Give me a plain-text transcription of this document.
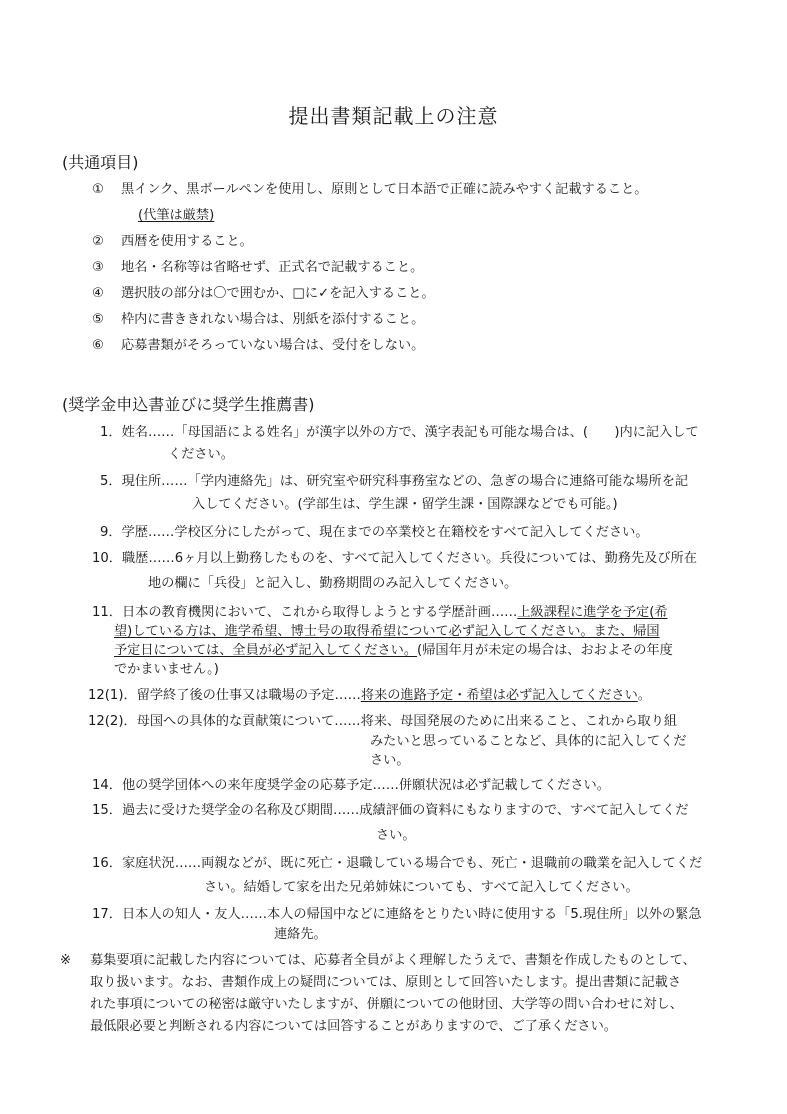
提出書類記載上の注意
(共通項目)
① 黒インク、黒ボールペンを使用し、原則として日本語で正確に読みやすく記載すること。
(代筆は厳禁)
② 西暦を使用すること。
③ 地名・名称等は省略せず、正式名で記載すること。
④ 選択肢の部分は〇で囲むか、□に✓を記入すること。
⑤ 枠内に書ききれない場合は、別紙を添付すること。
⑥ 応募書類がそろっていない場合は、受付をしない。
(奨学金申込書並びに奨学生推薦書)
1．姓名……「母国語による姓名」が漢字以外の方で、漢字表記も可能な場合は、(　　)内に記入して
ください。
5．現住所……「学内連絡先」は、研究室や研究科事務室などの、急ぎの場合に連絡可能な場所を記
入してください。(学部生は、学生課・留学生課・国際課などでも可能。)
9．学歴……学校区分にしたがって、現在までの卒業校と在籍校をすべて記入してください。
10．職歴……6ヶ月以上勤務したものを、すべて記入してください。兵役については、勤務先及び所在
地の欄に「兵役」と記入し、勤務期間のみ記入してください。
11．日本の教育機関において、これから取得しようとする学歴計画……上級課程に進学を予定(希
望)している方は、進学希望、博士号の取得希望について必ず記入してください。また、帰国
予定日については、全員が必ず記入してください。(帰国年月が未定の場合は、おおよその年度
でかまいません。)
12(1)．留学終了後の仕事又は職場の予定……将来の進路予定・希望は必ず記入してください。
12(2)．母国への具体的な貢献策について……将来、母国発展のために出来ること、これから取り組
みたいと思っていることなど、具体的に記入してくだ
さい。
14．他の奨学団体への来年度奨学金の応募予定……併願状況は必ず記載してください。
15．過去に受けた奨学金の名称及び期間……成績評価の資料にもなりますので、すべて記入してくだ
さい。
16．家庭状況……両親などが、既に死亡・退職している場合でも、死亡・退職前の職業を記入してくだ
さい。結婚して家を出た兄弟姉妹についても、すべて記入してください。
17．日本人の知人・友人……本人の帰国中などに連絡をとりたい時に使用する「5.現住所」以外の緊急
連絡先。
※ 募集要項に記載した内容については、応募者全員がよく理解したうえで、書類を作成したものとして、
取り扱います。なお、書類作成上の疑問については、原則として回答いたします。提出書類に記載さ
れた事項についての秘密は厳守いたしますが、併願についての他財団、大学等の問い合わせに対し、
最低限必要と判断される内容については回答することがありますので、ご了承ください。
